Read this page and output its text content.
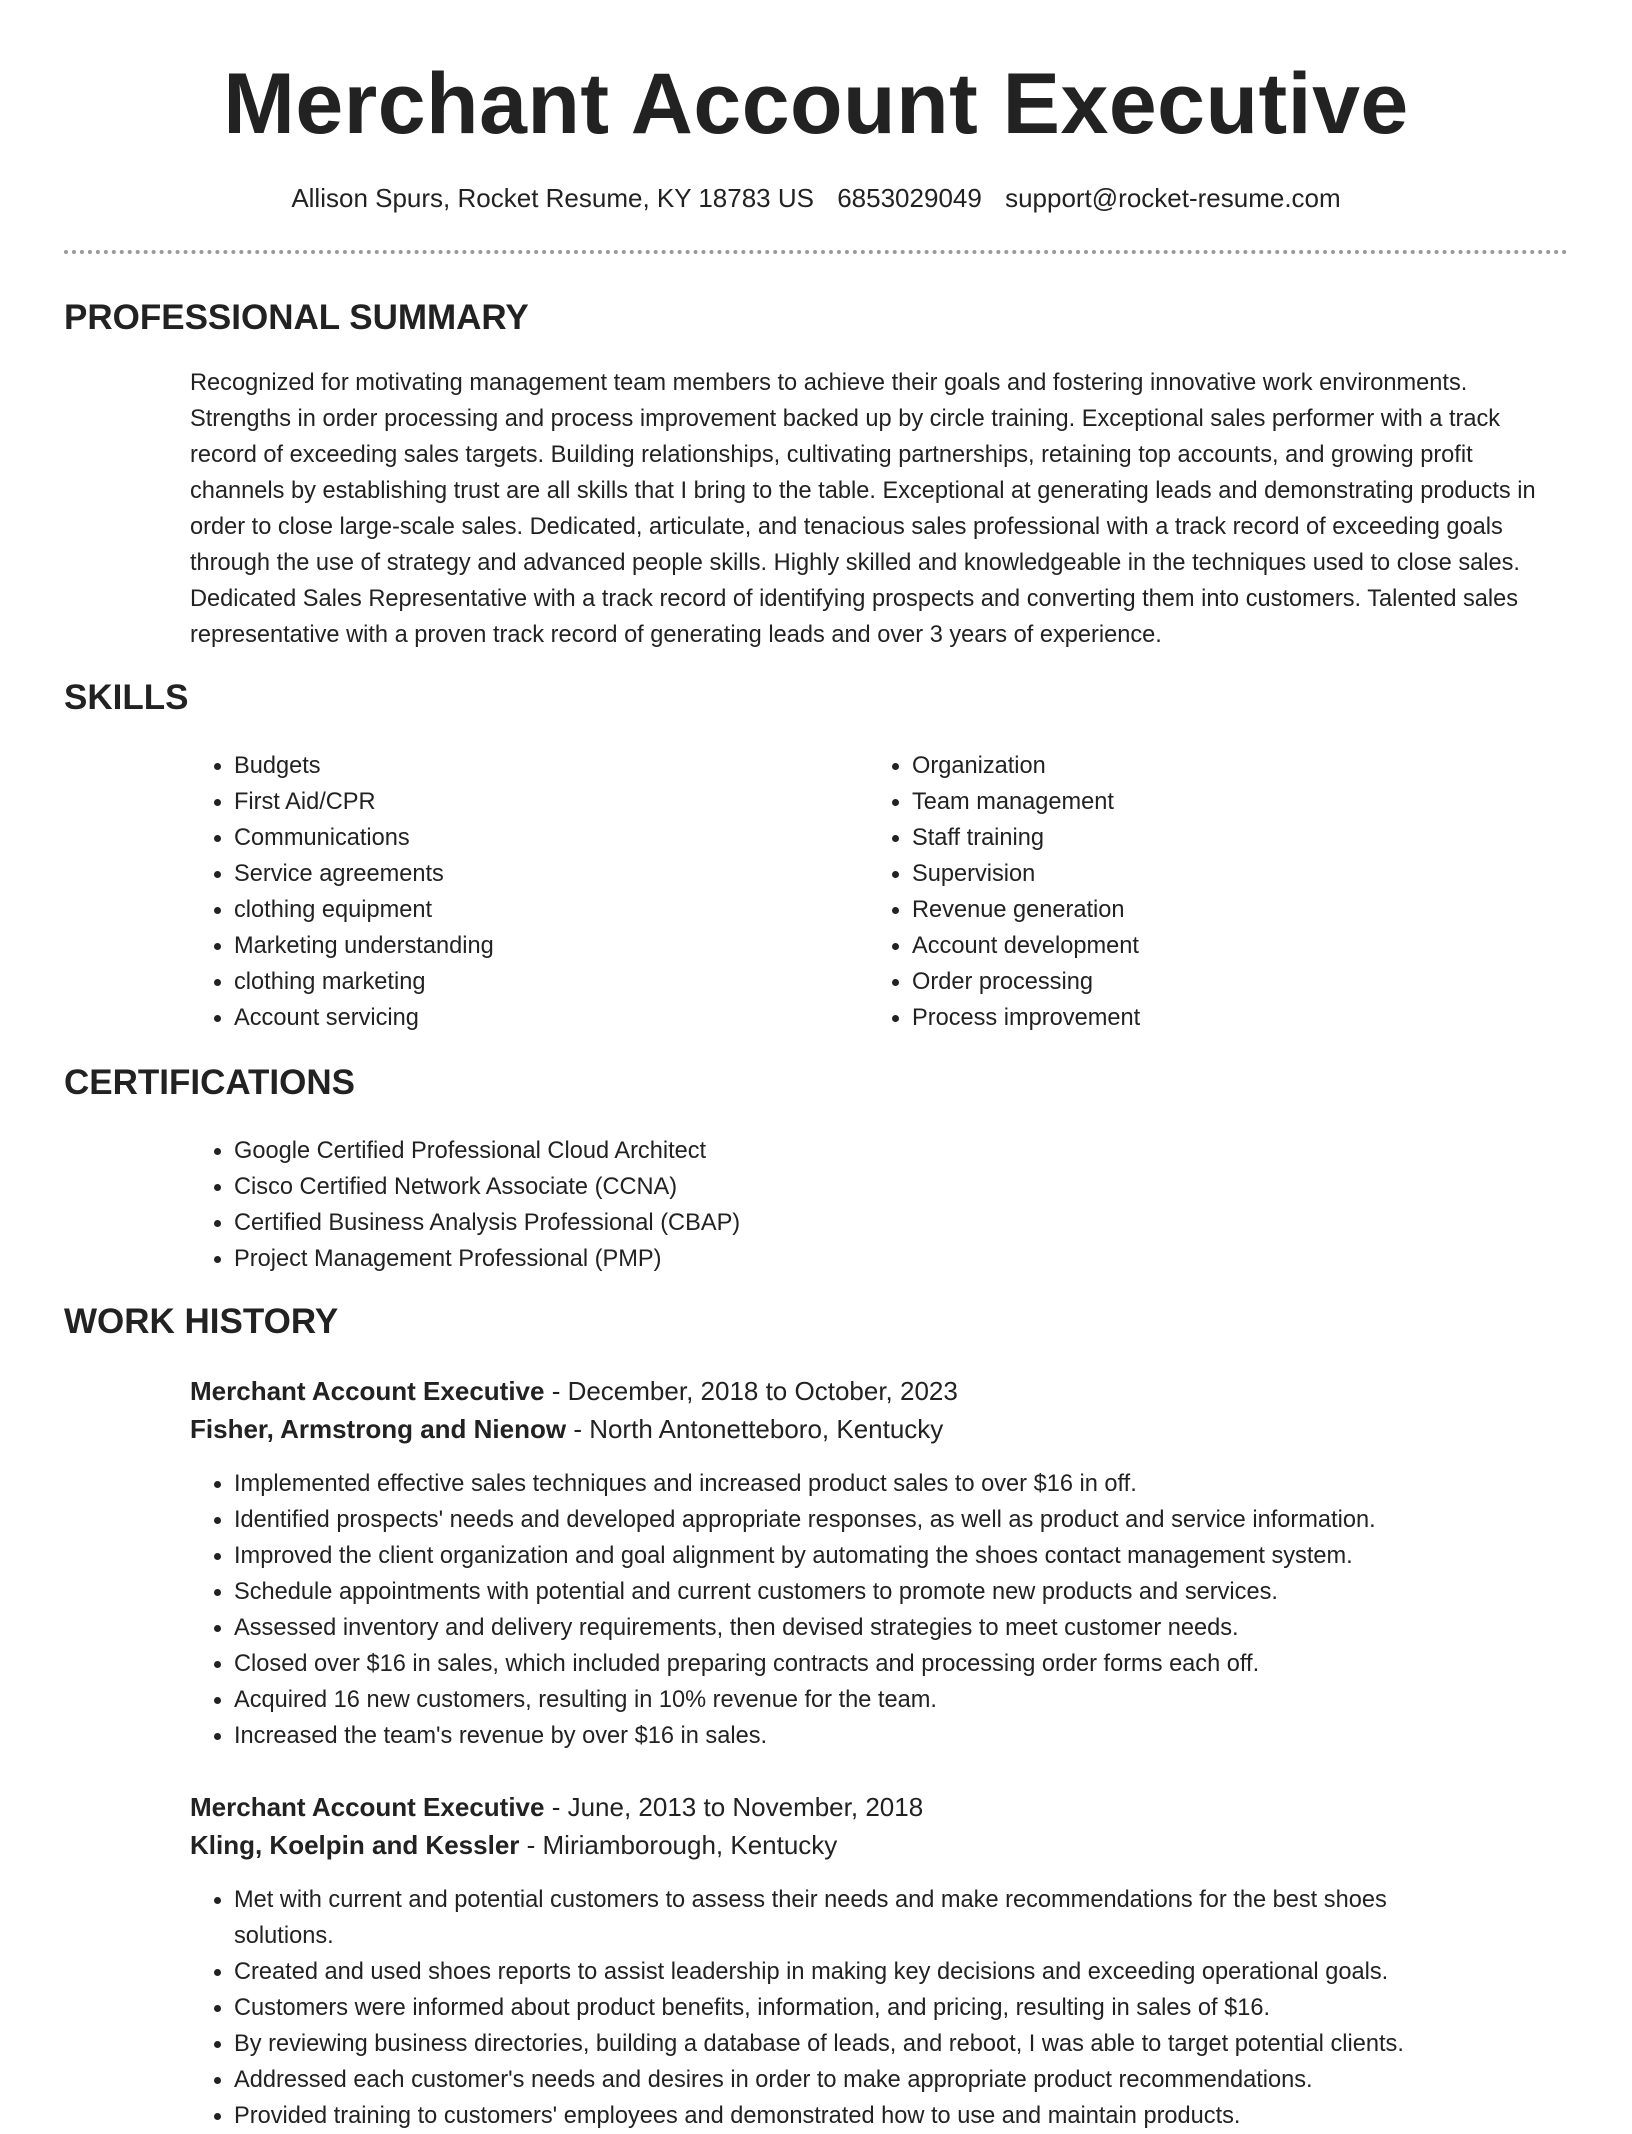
Merchant Account Executive
Allison Spurs, Rocket Resume, KY 18783 US 6853029049 support@rocket-resume.com
PROFESSIONAL SUMMARY

Recognized for motivating management team members to achieve their goals and fostering innovative work environments. Strengths in order processing and process improvement backed up by circle training. Exceptional sales performer with a track record of exceeding sales targets. Building relationships, cultivating partnerships, retaining top accounts, and growing profit channels by establishing trust are all skills that I bring to the table. Exceptional at generating leads and demonstrating products in order to close large-scale sales. Dedicated, articulate, and tenacious sales professional with a track record of exceeding goals through the use of strategy and advanced people skills. Highly skilled and knowledgeable in the techniques used to close sales. Dedicated Sales Representative with a track record of identifying prospects and converting them into customers. Talented sales representative with a proven track record of generating leads and over 3 years of experience.

SKILLS
• Budgets
• First Aid/CPR
• Communications
• Service agreements
• clothing equipment
• Marketing understanding
• clothing marketing
• Account servicing
• Organization
• Team management
• Staff training
• Supervision
• Revenue generation
• Account development
• Order processing
• Process improvement
CERTIFICATIONS
• Google Certified Professional Cloud Architect
• Cisco Certified Network Associate (CCNA)
• Certified Business Analysis Professional (CBAP)
• Project Management Professional (PMP)
WORK HISTORY
Merchant Account Executive - December, 2018 to October, 2023
Fisher, Armstrong and Nienow - North Antonetteboro, Kentucky
• Implemented effective sales techniques and increased product sales to over $16 in off.
• Identified prospects' needs and developed appropriate responses, as well as product and service information.
• Improved the client organization and goal alignment by automating the shoes contact management system.
• Schedule appointments with potential and current customers to promote new products and services.
• Assessed inventory and delivery requirements, then devised strategies to meet customer needs.
• Closed over $16 in sales, which included preparing contracts and processing order forms each off.
• Acquired 16 new customers, resulting in 10% revenue for the team.
• Increased the team's revenue by over $16 in sales.
Merchant Account Executive - June, 2013 to November, 2018
Kling, Koelpin and Kessler - Miriamborough, Kentucky
• Met with current and potential customers to assess their needs and make recommendations for the best shoes solutions.
• Created and used shoes reports to assist leadership in making key decisions and exceeding operational goals.
• Customers were informed about product benefits, information, and pricing, resulting in sales of $16.
• By reviewing business directories, building a database of leads, and reboot, I was able to target potential clients.
• Addressed each customer's needs and desires in order to make appropriate product recommendations.
• Provided training to customers' employees and demonstrated how to use and maintain products.
